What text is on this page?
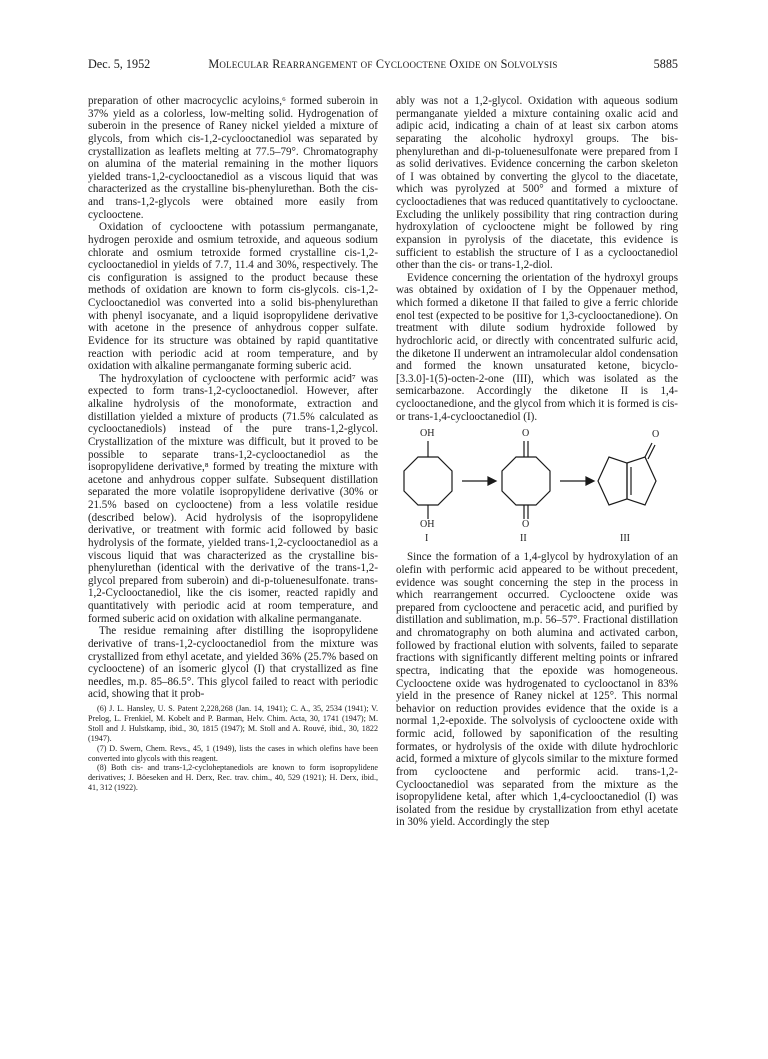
Dec. 5, 1952	Molecular Rearrangement of Cyclooctene Oxide on Solvolysis	5885

preparation of other macrocyclic acyloins,⁶ formed suberoin in 37% yield as a colorless, low-melting solid. Hydrogenation of suberoin in the presence of Raney nickel yielded a mixture of glycols, from which cis-1,2-cyclooctanediol was separated by crystallization as leaflets melting at 77.5–79°. Chromatography on alumina of the material remaining in the mother liquors yielded trans-1,2-cyclooctanediol as a viscous liquid that was characterized as the crystalline bis-phenylurethan. Both the cis- and trans-1,2-glycols were obtained more easily from cyclooctene.

Oxidation of cyclooctene with potassium permanganate, hydrogen peroxide and osmium tetroxide, and aqueous sodium chlorate and osmium tetroxide formed crystalline cis-1,2-cyclooctanediol in yields of 7.7, 11.4 and 30%, respectively. The cis configuration is assigned to the product because these methods of oxidation are known to form cis-glycols. cis-1,2-Cyclooctanediol was converted into a solid bis-phenylurethan with phenyl isocyanate, and a liquid isopropylidene derivative with acetone in the presence of anhydrous copper sulfate. Evidence for its structure was obtained by rapid quantitative reaction with periodic acid at room temperature, and by oxidation with alkaline permanganate forming suberic acid.

The hydroxylation of cyclooctene with performic acid⁷ was expected to form trans-1,2-cyclooctanediol. However, after alkaline hydrolysis of the monoformate, extraction and distillation yielded a mixture of products (71.5% calculated as cyclooctanediols) instead of the pure trans-1,2-glycol. Crystallization of the mixture was difficult, but it proved to be possible to separate trans-1,2-cyclooctanediol as the isopropylidene derivative,⁸ formed by treating the mixture with acetone and anhydrous copper sulfate. Subsequent distillation separated the more volatile isopropylidene derivative (30% or 21.5% based on cyclooctene) from a less volatile residue (described below). Acid hydrolysis of the isopropylidene derivative, or treatment with formic acid followed by basic hydrolysis of the formate, yielded trans-1,2-cyclooctanediol as a viscous liquid that was characterized as the crystalline bis-phenylurethan (identical with the derivative of the trans-1,2-glycol prepared from suberoin) and di-p-toluenesulfonate. trans-1,2-Cyclooctanediol, like the cis isomer, reacted rapidly and quantitatively with periodic acid at room temperature, and formed suberic acid on oxidation with alkaline permanganate.

The residue remaining after distilling the isopropylidene derivative of trans-1,2-cyclooctanediol from the mixture was crystallized from ethyl acetate, and yielded 36% (25.7% based on cyclooctene) of an isomeric glycol (I) that crystallized as fine needles, m.p. 85–86.5°. This glycol failed to react with periodic acid, showing that it prob-

(6) J. L. Hansley, U. S. Patent 2,228,268 (Jan. 14, 1941); C. A., 35, 2534 (1941); V. Prelog, L. Frenkiel, M. Kobelt and P. Barman, Helv. Chim. Acta, 30, 1741 (1947); M. Stoll and J. Hulstkamp, ibid., 30, 1815 (1947); M. Stoll and A. Rouvé, ibid., 30, 1822 (1947).

(7) D. Swern, Chem. Revs., 45, 1 (1949), lists the cases in which olefins have been converted into glycols with this reagent.

(8) Both cis- and trans-1,2-cycloheptanediols are known to form isopropylidene derivatives; J. Böeseken and H. Derx, Rec. trav. chim., 40, 529 (1921); H. Derx, ibid., 41, 312 (1922).

ably was not a 1,2-glycol. Oxidation with aqueous sodium permanganate yielded a mixture containing oxalic acid and adipic acid, indicating a chain of at least six carbon atoms separating the alcoholic hydroxyl groups. The bis-phenylurethan and di-p-toluenesulfonate were prepared from I as solid derivatives. Evidence concerning the carbon skeleton of I was obtained by converting the glycol to the diacetate, which was pyrolyzed at 500° and formed a mixture of cyclooctadienes that was reduced quantitatively to cyclooctane. Excluding the unlikely possibility that ring contraction during hydroxylation of cyclooctene might be followed by ring expansion in pyrolysis of the diacetate, this evidence is sufficient to establish the structure of I as a cyclooctanediol other than the cis- or trans-1,2-diol.

Evidence concerning the orientation of the hydroxyl groups was obtained by oxidation of I by the Oppenauer method, which formed a diketone II that failed to give a ferric chloride enol test (expected to be positive for 1,3-cyclooctanedione). On treatment with dilute sodium hydroxide followed by hydrochloric acid, or directly with concentrated sulfuric acid, the diketone II underwent an intramolecular aldol condensation and formed the known unsaturated ketone, bicyclo-[3.3.0]-1(5)-octen-2-one (III), which was isolated as the semicarbazone. Accordingly the diketone II is 1,4-cyclooctanedione, and the glycol from which it is formed is cis- or trans-1,4-cyclooctanediol (I).

OH
OH
O
O
O
I	II	III

Since the formation of a 1,4-glycol by hydroxylation of an olefin with performic acid appeared to be without precedent, evidence was sought concerning the step in the process in which rearrangement occurred. Cyclooctene oxide was prepared from cyclooctene and peracetic acid, and purified by distillation and sublimation, m.p. 56–57°. Fractional distillation and chromatography on both alumina and activated carbon, followed by fractional elution with solvents, failed to separate fractions with significantly different melting points or infrared spectra, indicating that the epoxide was homogeneous. Cyclooctene oxide was hydrogenated to cyclooctanol in 83% yield in the presence of Raney nickel at 125°. This normal behavior on reduction provides evidence that the oxide is a normal 1,2-epoxide. The solvolysis of cyclooctene oxide with formic acid, followed by saponification of the resulting formates, or hydrolysis of the oxide with dilute hydrochloric acid, formed a mixture of glycols similar to the mixture formed from cyclooctene and performic acid. trans-1,2-Cyclooctanediol was separated from the mixture as the isopropylidene ketal, after which 1,4-cyclooctanediol (I) was isolated from the residue by crystallization from ethyl acetate in 30% yield. Accordingly the step
